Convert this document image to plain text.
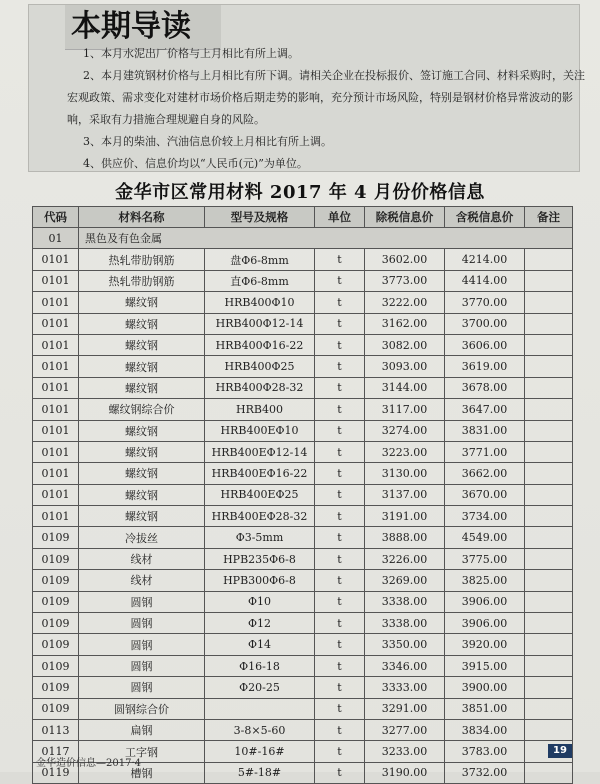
本期导读
1、本月水泥出厂价格与上月相比有所上调。
2、本月建筑钢材价格与上月相比有所下调。请相关企业在投标报价、签订施工合同、材料采购时，关注
宏观政策、需求变化对建材市场价格后期走势的影响，充分预计市场风险，特别是钢材价格异常波动的影
响，采取有力措施合理规避自身的风险。
3、本月的柴油、汽油信息价较上月相比有所上调。
4、供应价、信息价均以“人民币(元)”为单位。
金华市区常用材料 2017 年 4 月份价格信息
代码	材料名称	型号及规格	单位	除税信息价	含税信息价	备注
01	黑色及有色金属					
0101	热轧带肋钢筋	盘Φ6-8mm	t	3602.00	4214.00	
0101	热轧带肋钢筋	直Φ6-8mm	t	3773.00	4414.00	
0101	螺纹钢	HRB400Φ10	t	3222.00	3770.00	
0101	螺纹钢	HRB400Φ12-14	t	3162.00	3700.00	
0101	螺纹钢	HRB400Φ16-22	t	3082.00	3606.00	
0101	螺纹钢	HRB400Φ25	t	3093.00	3619.00	
0101	螺纹钢	HRB400Φ28-32	t	3144.00	3678.00	
0101	螺纹钢综合价	HRB400	t	3117.00	3647.00	
0101	螺纹钢	HRB400EΦ10	t	3274.00	3831.00	
0101	螺纹钢	HRB400EΦ12-14	t	3223.00	3771.00	
0101	螺纹钢	HRB400EΦ16-22	t	3130.00	3662.00	
0101	螺纹钢	HRB400EΦ25	t	3137.00	3670.00	
0101	螺纹钢	HRB400EΦ28-32	t	3191.00	3734.00	
0109	冷拔丝	Φ3-5mm	t	3888.00	4549.00	
0109	线材	HPB235Φ6-8	t	3226.00	3775.00	
0109	线材	HPB300Φ6-8	t	3269.00	3825.00	
0109	圆钢	Φ10	t	3338.00	3906.00	
0109	圆钢	Φ12	t	3338.00	3906.00	
0109	圆钢	Φ14	t	3350.00	3920.00	
0109	圆钢	Φ16-18	t	3346.00	3915.00	
0109	圆钢	Φ20-25	t	3333.00	3900.00	
0109	圆钢综合价		t	3291.00	3851.00	
0113	扁钢	3-8×5-60	t	3277.00	3834.00	
0117	工字钢	10#-16#	t	3233.00	3783.00	
0119	槽钢	5#-18#	t	3190.00	3732.00	
金华造价信息—2017·4
19
